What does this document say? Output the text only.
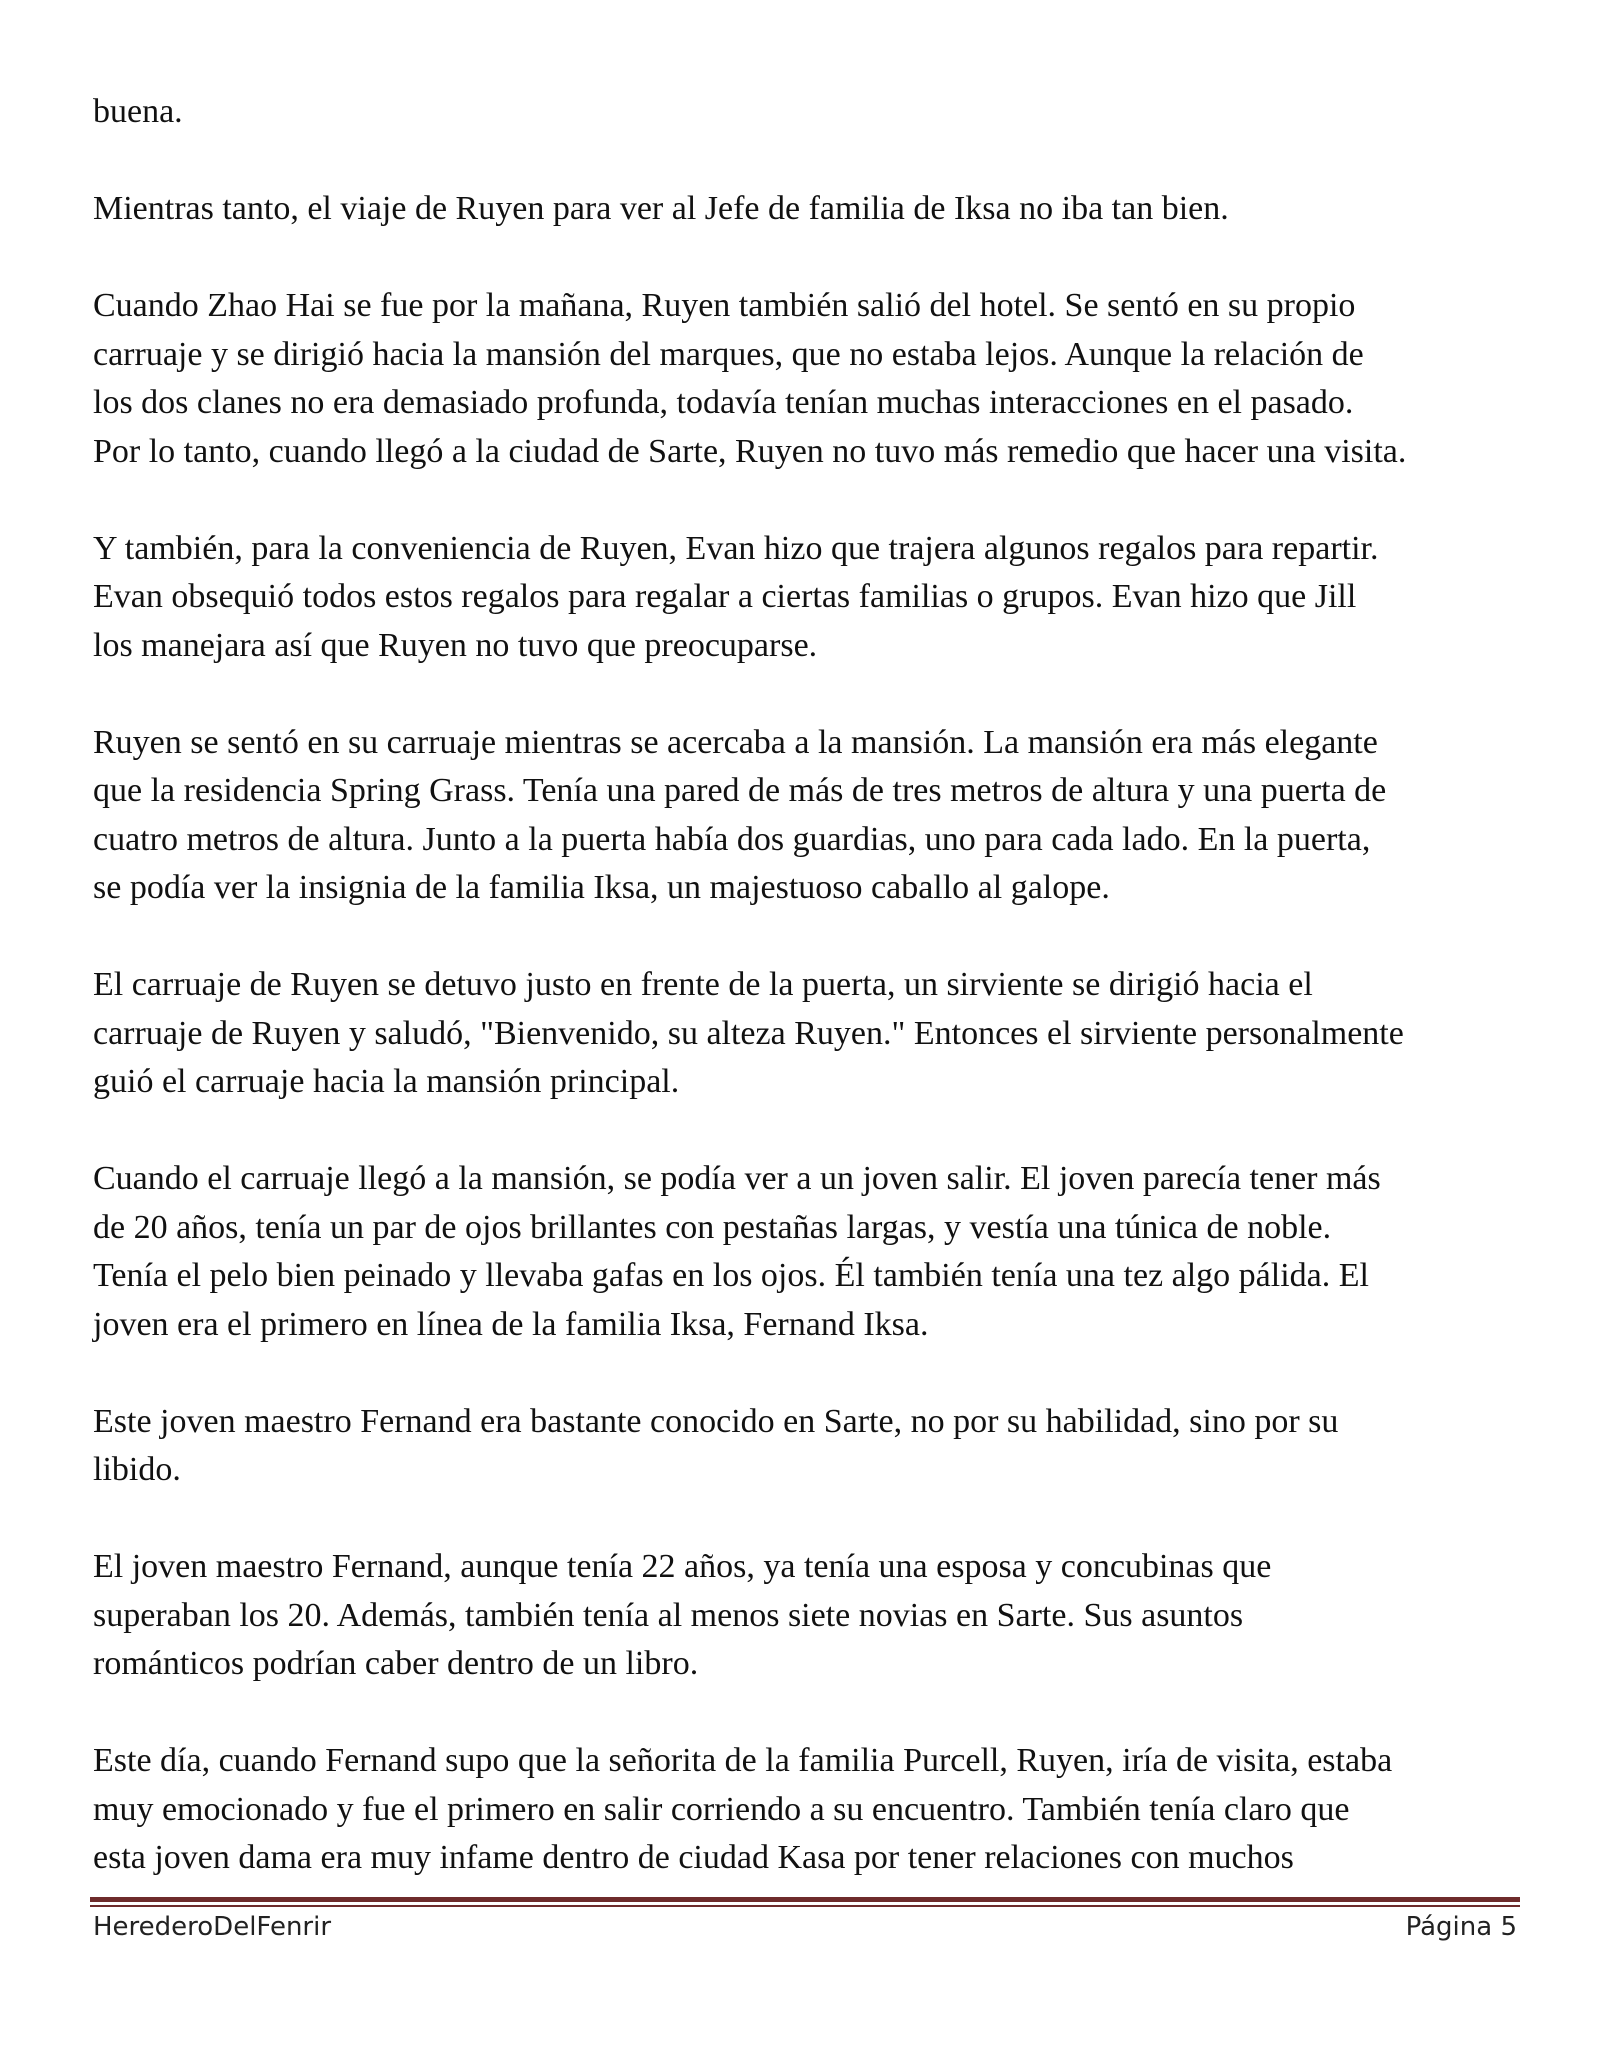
buena.
Mientras tanto, el viaje de Ruyen para ver al Jefe de familia de Iksa no iba tan bien.
Cuando Zhao Hai se fue por la mañana, Ruyen también salió del hotel. Se sentó en su propio
carruaje y se dirigió hacia la mansión del marques, que no estaba lejos. Aunque la relación de
los dos clanes no era demasiado profunda, todavía tenían muchas interacciones en el pasado.
Por lo tanto, cuando llegó a la ciudad de Sarte, Ruyen no tuvo más remedio que hacer una visita.
Y también, para la conveniencia de Ruyen, Evan hizo que trajera algunos regalos para repartir.
Evan obsequió todos estos regalos para regalar a ciertas familias o grupos. Evan hizo que Jill
los manejara así que Ruyen no tuvo que preocuparse.
Ruyen se sentó en su carruaje mientras se acercaba a la mansión. La mansión era más elegante
que la residencia Spring Grass. Tenía una pared de más de tres metros de altura y una puerta de
cuatro metros de altura. Junto a la puerta había dos guardias, uno para cada lado. En la puerta,
se podía ver la insignia de la familia Iksa, un majestuoso caballo al galope.
El carruaje de Ruyen se detuvo justo en frente de la puerta, un sirviente se dirigió hacia el
carruaje de Ruyen y saludó, "Bienvenido, su alteza Ruyen." Entonces el sirviente personalmente
guió el carruaje hacia la mansión principal.
Cuando el carruaje llegó a la mansión, se podía ver a un joven salir. El joven parecía tener más
de 20 años, tenía un par de ojos brillantes con pestañas largas, y vestía una túnica de noble.
Tenía el pelo bien peinado y llevaba gafas en los ojos. Él también tenía una tez algo pálida. El
joven era el primero en línea de la familia Iksa, Fernand Iksa.
Este joven maestro Fernand era bastante conocido en Sarte, no por su habilidad, sino por su
libido.
El joven maestro Fernand, aunque tenía 22 años, ya tenía una esposa y concubinas que
superaban los 20. Además, también tenía al menos siete novias en Sarte. Sus asuntos
románticos podrían caber dentro de un libro.
Este día, cuando Fernand supo que la señorita de la familia Purcell, Ruyen, iría de visita, estaba
muy emocionado y fue el primero en salir corriendo a su encuentro. También tenía claro que
esta joven dama era muy infame dentro de ciudad Kasa por tener relaciones con muchos
HerederoDelFenrir	Página 5
